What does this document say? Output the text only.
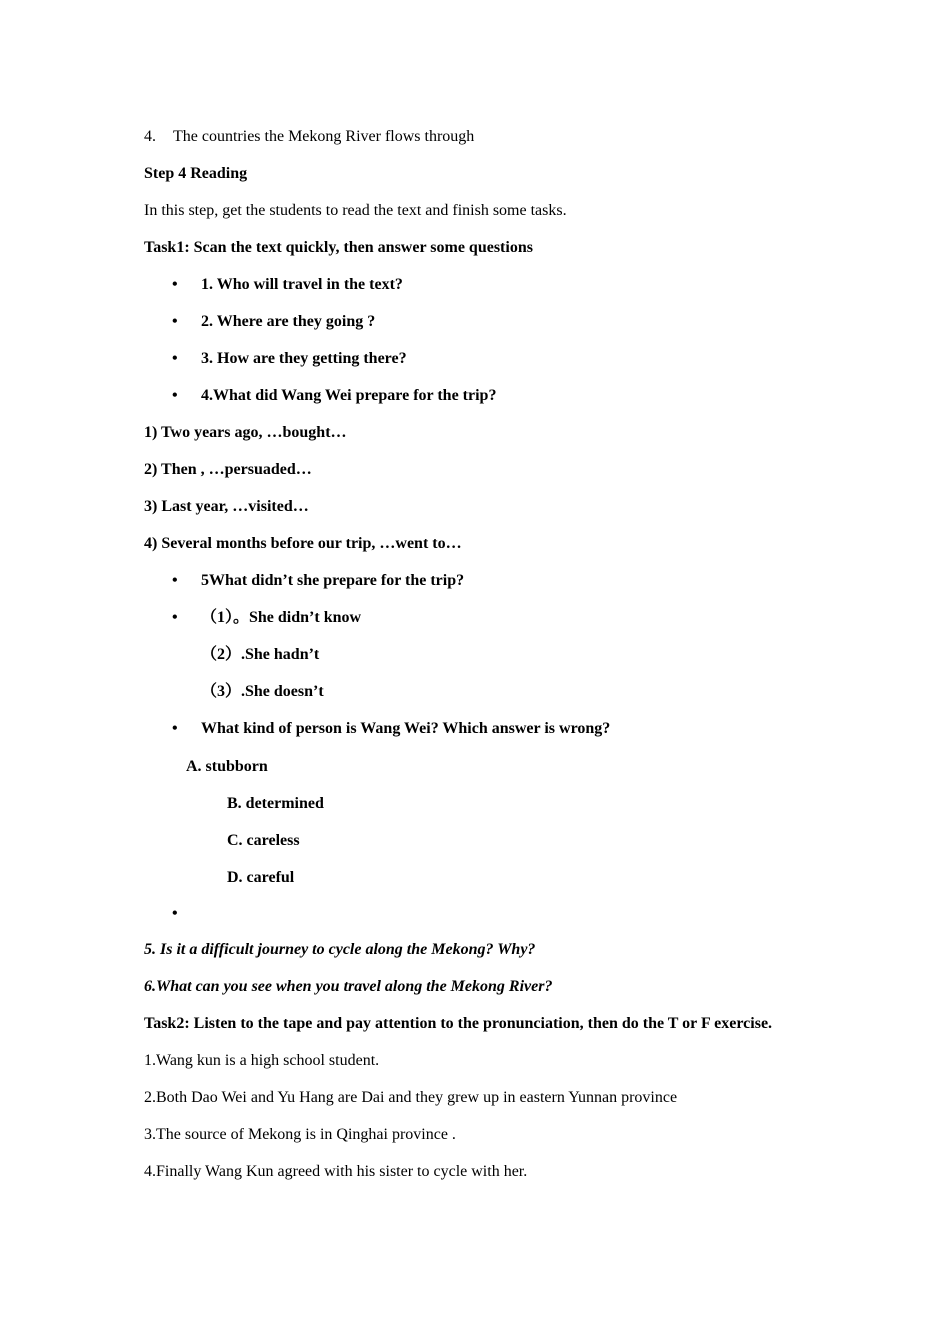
4. The countries the Mekong River flows through
Step 4 Reading
In this step, get the students to read the text and finish some tasks.
Task1: Scan the text quickly, then answer some questions
• 1. Who will travel in the text?
• 2. Where are they going ?
• 3. How are they getting there?
• 4.What did Wang Wei prepare for the trip?
1) Two years ago, …bought…
2) Then , …persuaded…
3) Last year, …visited…
4) Several months before our trip, …went to…
• 5What didn’t she prepare for the trip?
• （1）。She didn’t know
（2）.She hadn’t
（3）.She doesn’t
• What kind of person is Wang Wei? Which answer is wrong?
A. stubborn
B. determined
C. careless
D. careful
•
5. Is it a difficult journey to cycle along the Mekong? Why?
6.What can you see when you travel along the Mekong River?
Task2: Listen to the tape and pay attention to the pronunciation, then do the T or F exercise.
1.Wang kun is a high school student.
2.Both Dao Wei and Yu Hang are Dai and they grew up in eastern Yunnan province
3.The source of Mekong is in Qinghai province .
4.Finally Wang Kun agreed with his sister to cycle with her.
